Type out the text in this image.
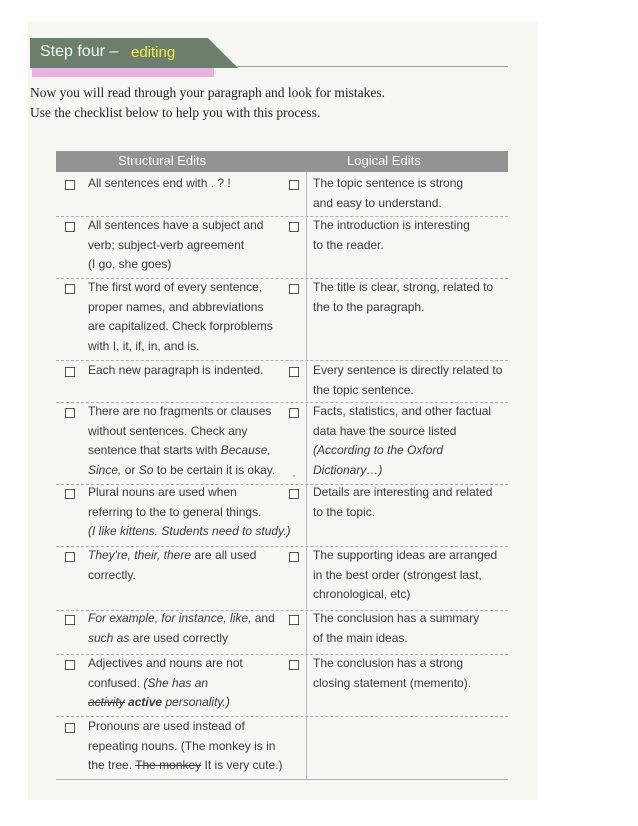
Step four – editing
Now you will read through your paragraph and look for mistakes.
Use the checklist below to help you with this process.
Structural Edits	Logical Edits
All sentences end with . ? !
All sentences have a subject and
verb; subject-verb agreement
(I go, she goes)
The first word of every sentence,
proper names, and abbreviations
are capitalized. Check forproblems
with I, it, if, in, and is.
Each new paragraph is indented.
There are no fragments or clauses
without sentences. Check any
sentence that starts with Because,
Since, or So to be certain it is okay.
Plural nouns are used when
referring to the to general things.
(I like kittens. Students need to study.)
They're, their, there are all used
correctly.
For example, for instance, like, and
such as are used correctly
Adjectives and nouns are not
confused. (She has an
activity active personality.)
Pronouns are used instead of
repeating nouns. (The monkey is in
the tree. The monkey It is very cute.)
The topic sentence is strong
and easy to understand.
The introduction is interesting
to the reader.
The title is clear, strong, related to
the to the paragraph.
Every sentence is directly related to
the topic sentence.
Facts, statistics, and other factual
data have the source listed
(According to the Oxford
Dictionary…)
Details are interesting and related
to the topic.
The supporting ideas are arranged
in the best order (strongest last,
chronological, etc)
The conclusion has a summary
of the main ideas.
The conclusion has a strong
closing statement (memento).
·
